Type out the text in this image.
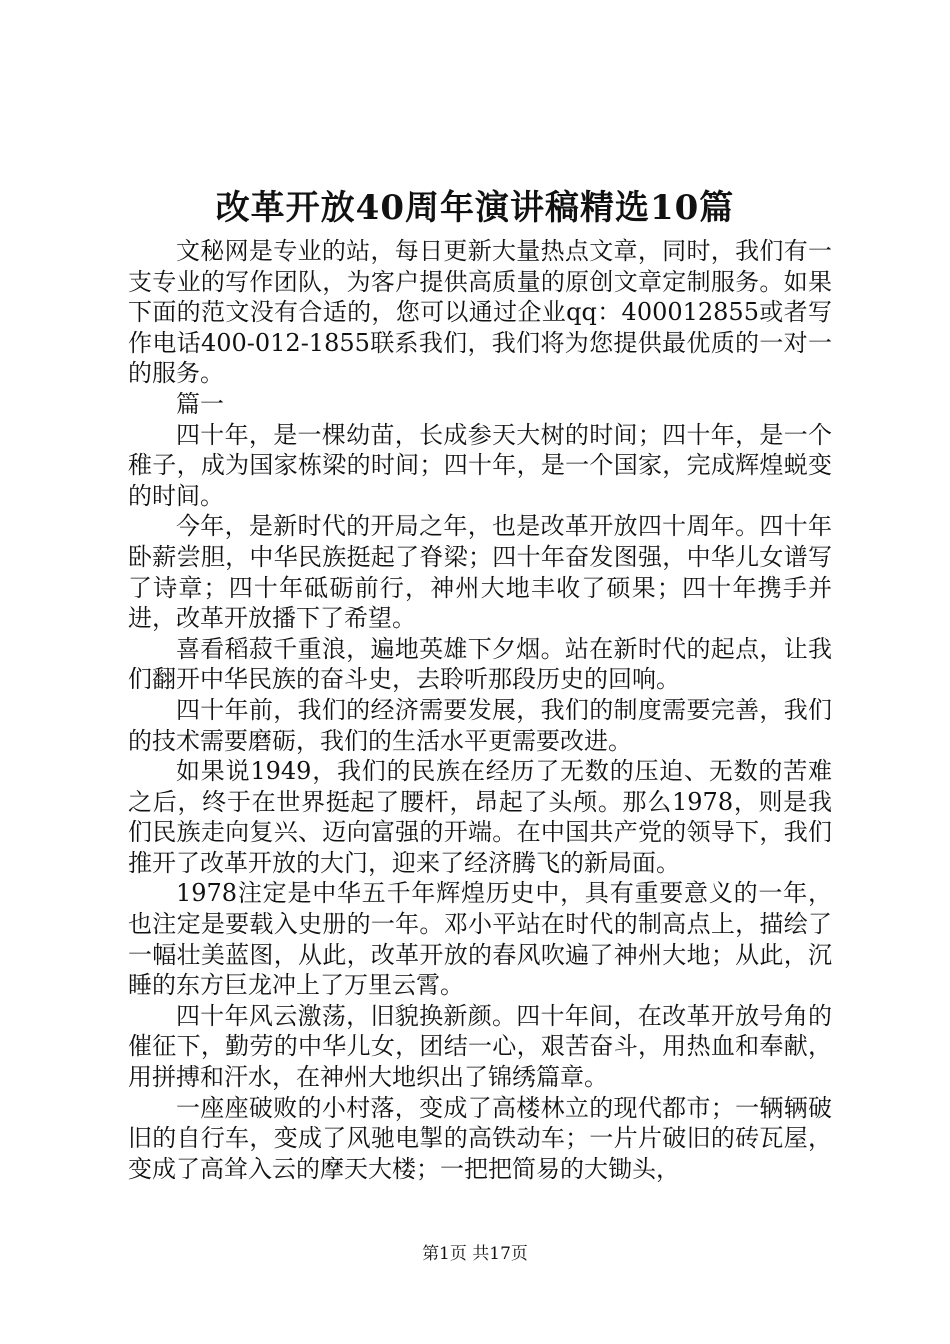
改革开放40周年演讲稿精选10篇

文秘网是专业的站，每日更新大量热点文章，同时，我们有一支专业的写作团队，为客户提供高质量的原创文章定制服务。如果下面的范文没有合适的，您可以通过企业qq：400012855或者写作电话400-012-1855联系我们，我们将为您提供最优质的一对一的服务。

篇一

四十年，是一棵幼苗，长成参天大树的时间；四十年，是一个稚子，成为国家栋梁的时间；四十年，是一个国家，完成辉煌蜕变的时间。

今年，是新时代的开局之年，也是改革开放四十周年。四十年卧薪尝胆，中华民族挺起了脊梁；四十年奋发图强，中华儿女谱写了诗章；四十年砥砺前行，神州大地丰收了硕果；四十年携手并进，改革开放播下了希望。

喜看稻菽千重浪，遍地英雄下夕烟。站在新时代的起点，让我们翻开中华民族的奋斗史，去聆听那段历史的回响。

四十年前，我们的经济需要发展，我们的制度需要完善，我们的技术需要磨砺，我们的生活水平更需要改进。

如果说1949，我们的民族在经历了无数的压迫、无数的苦难之后，终于在世界挺起了腰杆，昂起了头颅。那么1978，则是我们民族走向复兴、迈向富强的开端。在中国共产党的领导下，我们推开了改革开放的大门，迎来了经济腾飞的新局面。

1978注定是中华五千年辉煌历史中，具有重要意义的一年，也注定是要载入史册的一年。邓小平站在时代的制高点上，描绘了一幅壮美蓝图，从此，改革开放的春风吹遍了神州大地；从此，沉睡的东方巨龙冲上了万里云霄。

四十年风云激荡，旧貌换新颜。四十年间，在改革开放号角的催征下，勤劳的中华儿女，团结一心，艰苦奋斗，用热血和奉献，用拼搏和汗水，在神州大地织出了锦绣篇章。

一座座破败的小村落，变成了高楼林立的现代都市；一辆辆破旧的自行车，变成了风驰电掣的高铁动车；一片片破旧的砖瓦屋，变成了高耸入云的摩天大楼；一把把简易的大锄头，

第1页 共17页
